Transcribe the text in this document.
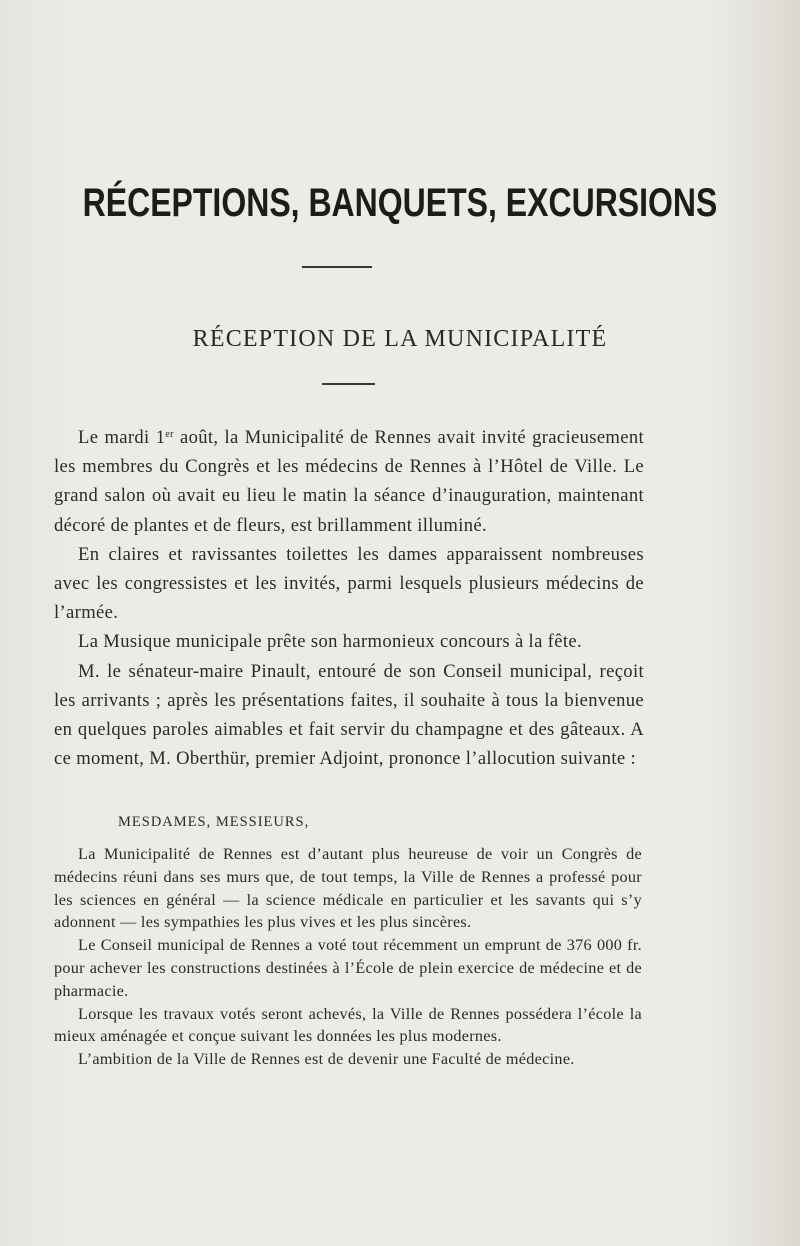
RÉCEPTIONS, BANQUETS, EXCURSIONS
RÉCEPTION DE LA MUNICIPALITÉ

Le mardi 1er août, la Municipalité de Rennes avait invité gracieusement les membres du Congrès et les médecins de Rennes à l’Hôtel de Ville. Le grand salon où avait eu lieu le matin la séance d’inauguration, maintenant décoré de plantes et de fleurs, est brillamment illuminé.

En claires et ravissantes toilettes les dames apparaissent nombreuses avec les congressistes et les invités, parmi lesquels plusieurs médecins de l’armée.

La Musique municipale prête son harmonieux concours à la fête.

M. le sénateur-maire Pinault, entouré de son Conseil municipal, reçoit les arrivants ; après les présentations faites, il souhaite à tous la bienvenue en quelques paroles aimables et fait servir du champagne et des gâteaux. A ce moment, M. Oberthür, premier Adjoint, prononce l’allocution suivante :

MESDAMES, MESSIEURS,

La Municipalité de Rennes est d’autant plus heureuse de voir un Congrès de médecins réuni dans ses murs que, de tout temps, la Ville de Rennes a professé pour les sciences en général — la science médicale en particulier et les savants qui s’y adonnent — les sympathies les plus vives et les plus sincères.

Le Conseil municipal de Rennes a voté tout récemment un emprunt de 376 000 fr. pour achever les constructions destinées à l’École de plein exercice de médecine et de pharmacie.

Lorsque les travaux votés seront achevés, la Ville de Rennes possédera l’école la mieux aménagée et conçue suivant les données les plus modernes.

L’ambition de la Ville de Rennes est de devenir une Faculté de médecine.
